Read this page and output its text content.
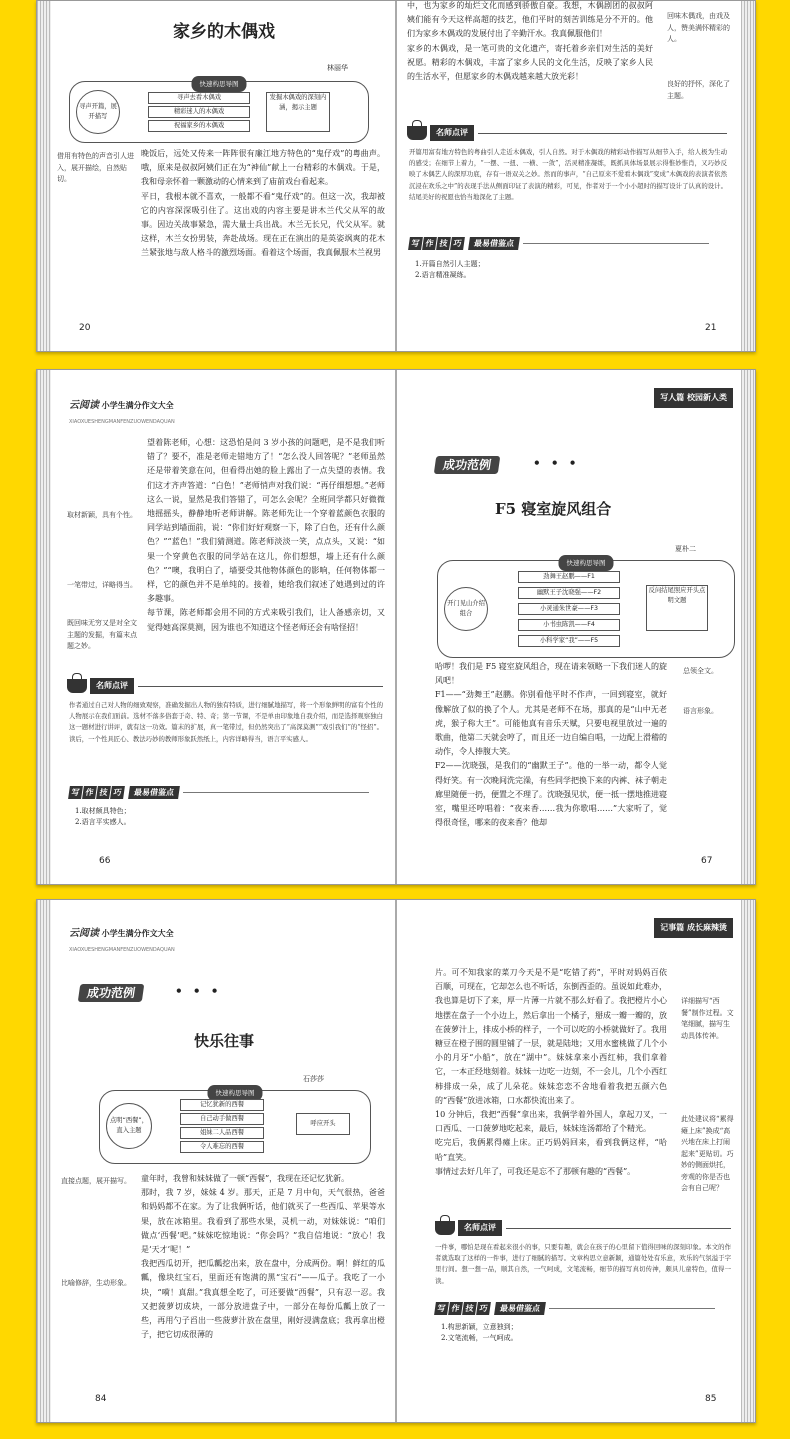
家乡的木偶戏
林丽华
快速构思导图
寻声开篇，展开描写
寻声去看木偶戏
精彩迷人的木偶戏
祝福家乡的木偶戏
发掘木偶戏的深刻内涵，揭示主题
借用有特色的声音引人进入，展开描绘，自然贴切。
晚饭后，远处又传来一阵阵很有廉江地方特色的“鬼仔戏”的粤曲声。哦，原来是叔叔阿姨们正在为“神仙”献上一台精彩的木偶戏。于是，我和母亲怀着一颗激动的心情来到了庙前戏台看起来。
平日，我根本就不喜欢，一般都不看“鬼仔戏”的。但这一次，我却被它的内容深深吸引住了。这出戏的内容主要是讲木兰代父从军的故事。因边关战事紧急，需大量士兵出战。木兰无长兄，代父从军。就这样，木兰女扮男装，奔赴战场。现在正在演出的是英姿飒爽的花木兰紧张地与敌人格斗的激烈场面。看着这个场面，我真佩服木兰视男
20
中，也为家乡的灿烂文化而感到骄傲自豪。我想，木偶剧团的叔叔阿姨们能有今天这样高超的技艺，他们平时的刻苦训练是分不开的。他们为家乡木偶戏的发展付出了辛勤汗水。我真佩服他们！
家乡的木偶戏，是一笔可贵的文化遗产，寄托着乡亲们对生活的美好祝愿。精彩的木偶戏，丰富了家乡人民的文化生活，反映了家乡人民的生活水平，但愿家乡的木偶戏越来越大放光彩！
回味木偶戏，由戏及人，赞美满怀精彩的人。
良好的抒怀，深化了主题。
名师点评
开篇用富有地方特色的粤曲引人走近木偶戏，引人自然。对于木偶戏的精彩动作描写从细节入手，给人极为生动的感受；在细节上着力，“一摆、一扭、一横、一敛”，活灵精准凝练，既抓具体场景展示得惟妙惟肖，又巧妙反映了木偶艺人的深厚功底，存有一语双关之妙。然而的事声，“自己原来不爱看木偶戏”变成“木偶戏的表演者依然沉浸在欢乐之中”的表现手法从侧面印证了表演的精彩，可见，作者对于一个小小超时的描写设计了认真的设计。结尾美好的祝愿也恰当地深化了主题。
写 作 技 巧	最易借鉴点
1.开篇自然引人主题；
2.语言精准凝练。
21
云阅读 小学生满分作文大全
XIAOXUESHENGMANFENZUOWENDAQUAN
望着陈老师，心想：这恐怕是问 3 岁小孩的问题吧，是不是我们听错了？要不，准是老师走错地方了！“怎么没人回答呢？”老师虽然还是带着笑意在问，但看得出她的脸上露出了一点失望的表情。我们这才齐声答道：“白色！”老师悄声对我们说：“再仔细想想。”老师这么一说，显然是我们答错了，可怎么会呢？全班同学都只好微微地摇摇头，静静地听老师讲解。陈老师先让一个穿着蓝颜色衣服的同学站到墙面前，说：“你们好好观察一下，除了白色，还有什么颜色？”“蓝色！”我们猜测道。陈老师淡淡一笑，点点头，又说：“如果一个穿黄色衣服的同学站在这儿，你们想想，墙上还有什么颜色？”“噢，我明白了，墙要受其他物体颜色的影响，任何物体都一样，它的颜色并不是单纯的。接着，她给我们叙述了她遇到过的许多趣事。
每节课，陈老师都会用不同的方式来吸引我们，让人备感亲切，又觉得她高深莫测，因为谁也不知道这个怪老师还会有啥怪招！
取材新颖，具有个性。
一笔带过，详略得当。
既回味无穷又是对全文主题的发掘，有篇末点题之妙。
名师点评
作者通过自己对人物的细致观察，准确发掘出人物的独有特质，进行细腻地描写，将一个形象鲜明的富有个性的人物展示在我们面前。选材不落多俗套于奇、特、奇；第一节课，不是单由印象地自我介绍，而是选择观察独白这一题材进行讲评，就有这一功效。篇末的扩展，真一笔带过，但仍然突出了“高深莫测”“戏引我们”的“怪招”。读后，一个性具匠心、教法巧妙的教师形象跃然纸上，内容详略得当，语言平实感人。
写 作 技 巧	最易借鉴点
1.取材颇具特色；
2.语言平实感人。
66
写人篇 校园新人类
成功范例	• • •
F5 寝室旋风组合
夏朴二
快速构思导图
开门见山介绍组合
劲舞王赵鹏——F1
幽默王子沈晓强——F2
小灵通朱世豪——F3
小书虫陈凯——F4
小科学家“我”——F5
反问结尾照应开头点明文题
哈啰！我们是 F5 寝室旋风组合，现在请来领略一下我们迷人的旋风吧！
F1——“劲舞王”赵鹏。你别看他平时不作声，一回到寝室，就好像解放了似的换了个人。尤其是老师不在场，那真的是“山中无老虎，猴子称大王”。可能他真有音乐天赋，只要电视里放过一遍的歌曲，他第二天就会哼了，而且还一边自编自唱，一边配上滑稽的动作，令人捧腹大笑。
F2——沈晓强，是我们的“幽默王子”。他的一举一动，都令人觉得好笑。有一次晚间洗完澡，有些同学把换下来的内裤、袜子朝走廊里随便一扔，便置之不理了。沈晓强见状，便一抵一摆地推进寝室，嘴里还哼唱着：“夜来香……我为你歌唱……”大家听了，觉得很奇怪，哪来的夜来香？他却
总领全文。
语言形象。
67
云阅读 小学生满分作文大全
XIAOXUESHENGMANFENZUOWENDAQUAN
成功范例	• • •
快乐往事
石莎莎
快速构思导图
点明“西餐”，直入主题
记忆犹新的西餐
自己动手做西餐
姐妹二人品西餐
令人难忘的西餐
呼应开头
直接点题，展开描写。
比喻修辞，生动形象。
童年时，我曾和妹妹做了一顿“西餐”，我现在还记忆犹新。
那时，我 7 岁，妹妹 4 岁。那天，正是 7 月中旬，天气很热，爸爸和妈妈都不在家。为了让我俩听话，他们就买了一些西瓜、苹果等水果，放在冰箱里。我看到了那些水果，灵机一动，对妹妹说：“咱们做点‘西餐’吧。”妹妹吃惊地说：“你会吗？”我自信地说：“放心！我是‘天才’呢！”
我把西瓜切开，把瓜瓤挖出来，放在盘中，分成两份。啊！鲜红的瓜瓤，像块红宝石，里面还有饱满的黑“宝石”——瓜子。我吃了一小块，“嗬！真甜。”我真想全吃了，可还要做“西餐”，只有忍一忍。我又把菠萝切成块，一部分放进盘子中，一部分在每份瓜瓤上放了一些，再用勺子舀出一些菠萝汁放在盘里，刚好浸满盘底；我再拿出橙子，把它切成很薄的
84
记事篇 成长麻辣烫
片。可不知我家的菜刀今天是不是“吃错了药”，平时对妈妈百依百顺，可现在，它却怎么也不听话，东倒西歪的。虽说如此难办，我也算是切下了来，厚一片薄一片就不那么好看了。我把橙片小心地摆在盘子一个小边上，然后拿出一个橘子，掰成一瓣一瓣的，放在菠萝汁上，排成小桥的样子，一个可以吃的小桥就做好了。我用糖豆在橙子围的圆里铺了一层，就是陆地；又用水蜜桃做了几个小小的月牙“小船”，放在“湖中”。妹妹拿来小西红柿，我们拿着它，一本正经地刻着。妹妹一边吃一边刻，不一会儿，几个小西红柿排成一朵，成了儿朵花。妹妹恋恋不舍地看着我把五颜六色的“西餐”放进冰箱，口水都快流出来了。
10 分钟后，我把“西餐”拿出来，我俩学着外国人，拿起刀叉，一口西瓜、一口菠萝地吃起来，最后，妹妹连汤都给了个精光。
吃完后，我俩累得瘫上床。正巧妈妈回来，看到我俩这样，“哈哈”直笑。
事情过去好几年了，可我还是忘不了那顿有趣的“西餐”。
详细描写“西餐”制作过程。文笔细腻，描写生动具体传神。
此处建议将“累得瘫上床”换成“高兴地在床上打闹起来”更贴切。巧妙的侧面烘托，旁观的你是否也会有自己呢？
名师点评
一件事，哪怕是现在看起来很小的事，只要有趣，就会在孩子的心里留下值得回味的深刻印象。本文的作者就选取了这样的一件事，进行了细腻的描写。文章构思立意新颖，通篇处处有乐意，欢乐的气氛溢于字里行间。想一想一品，顺其自然，一气呵成，文笔流畅，细节的描写真切传神，颇具儿童特色，值得一读。
写 作 技 巧	最易借鉴点
1.构思新颖，立意独到；
2.文笔流畅，一气呵成。
85
